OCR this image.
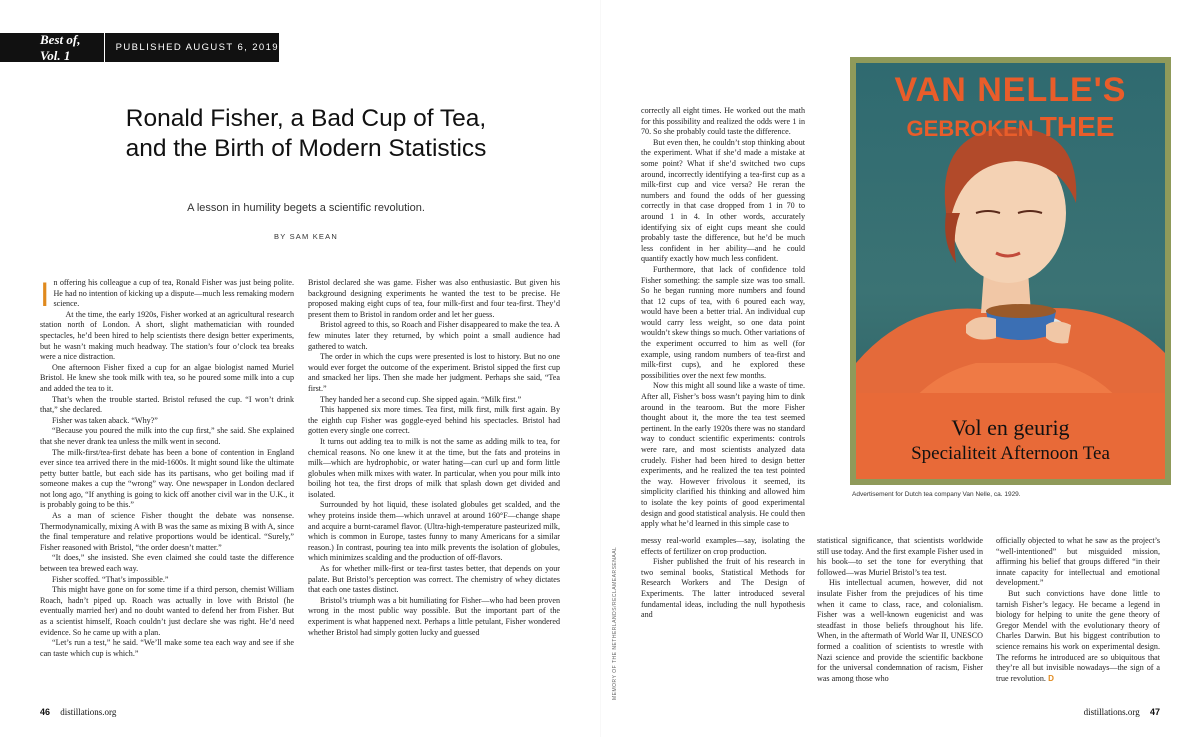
Best of, Vol. 1	PUBLISHED AUGUST 6, 2019
Ronald Fisher, a Bad Cup of Tea, and the Birth of Modern Statistics
A lesson in humility begets a scientific revolution.
BY SAM KEAN
I n offering his colleague a cup of tea, Ronald Fisher was just being polite. He had no intention of kicking up a dispute—much less remaking modern science.

At the time, the early 1920s, Fisher worked at an agricultural research station north of London. A short, slight mathematician with rounded spectacles, he’d been hired to help scientists there design better experiments, but he wasn’t making much headway. The station’s four o’clock tea breaks were a nice distraction.

One afternoon Fisher fixed a cup for an algae biologist named Muriel Bristol. He knew she took milk with tea, so he poured some milk into a cup and added the tea to it.

That’s when the trouble started. Bristol refused the cup. “I won’t drink that,” she declared.

Fisher was taken aback. “Why?”

“Because you poured the milk into the cup first,” she said. She explained that she never drank tea unless the milk went in second.

The milk-first/tea-first debate has been a bone of contention in England ever since tea arrived there in the mid-1600s. It might sound like the ultimate petty butter battle, but each side has its partisans, who get boiling mad if someone makes a cup the “wrong” way. One newspaper in London declared not long ago, “If anything is going to kick off another civil war in the U.K., it is probably going to be this.”

As a man of science Fisher thought the debate was nonsense. Thermodynamically, mixing A with B was the same as mixing B with A, since the final temperature and relative proportions would be identical. “Surely,” Fisher reasoned with Bristol, “the order doesn’t matter.”

“It does,” she insisted. She even claimed she could taste the difference between tea brewed each way.

Fisher scoffed. “That’s impossible.”

This might have gone on for some time if a third person, chemist William Roach, hadn’t piped up. Roach was actually in love with Bristol (he eventually married her) and no doubt wanted to defend her from Fisher. But as a scientist himself, Roach couldn’t just declare she was right. He’d need evidence. So he came up with a plan.

“Let’s run a test,” he said. “We’ll make some tea each way and see if she can taste which cup is which.”

Bristol declared she was game. Fisher was also enthusiastic. But given his background designing experiments he wanted the test to be precise. He proposed making eight cups of tea, four milk-first and four tea-first. They’d present them to Bristol in random order and let her guess.

Bristol agreed to this, so Roach and Fisher disappeared to make the tea. A few minutes later they returned, by which point a small audience had gathered to watch.

The order in which the cups were presented is lost to history. But no one would ever forget the outcome of the experiment. Bristol sipped the first cup and smacked her lips. Then she made her judgment. Perhaps she said, “Tea first.”

They handed her a second cup. She sipped again. “Milk first.”

This happened six more times. Tea first, milk first, milk first again. By the eighth cup Fisher was goggle-eyed behind his spectacles. Bristol had gotten every single one correct.

It turns out adding tea to milk is not the same as adding milk to tea, for chemical reasons. No one knew it at the time, but the fats and proteins in milk—which are hydrophobic, or water hating—can curl up and form little globules when milk mixes with water. In particular, when you pour milk into boiling hot tea, the first drops of milk that splash down get divided and isolated.

Surrounded by hot liquid, these isolated globules get scalded, and the whey proteins inside them—which unravel at around 160°F—change shape and acquire a burnt-caramel flavor. (Ultra-high-temperature pasteurized milk, which is common in Europe, tastes funny to many Americans for a similar reason.) In contrast, pouring tea into milk prevents the isolation of globules, which minimizes scalding and the production of off-flavors.

As for whether milk-first or tea-first tastes better, that depends on your palate. But Bristol’s perception was correct. The chemistry of whey dictates that each one tastes distinct.

Bristol’s triumph was a bit humiliating for Fisher—who had been proven wrong in the most public way possible. But the important part of the experiment is what happened next. Perhaps a little petulant, Fisher wondered whether Bristol had simply gotten lucky and guessed

correctly all eight times. He worked out the math for this possibility and realized the odds were 1 in 70. So she probably could taste the difference.

But even then, he couldn’t stop thinking about the experiment. What if she’d made a mistake at some point? What if she’d switched two cups around, incorrectly identifying a tea-first cup as a milk-first cup and vice versa? He reran the numbers and found the odds of her guessing correctly in that case dropped from 1 in 70 to around 1 in 4. In other words, accurately identifying six of eight cups meant she could probably taste the difference, but he’d be much less confident in her ability—and he could quantify exactly how much less confident.

Furthermore, that lack of confidence told Fisher something: the sample size was too small. So he began running more numbers and found that 12 cups of tea, with 6 poured each way, would have been a better trial. An individual cup would carry less weight, so one data point wouldn’t skew things so much. Other variations of the experiment occurred to him as well (for example, using random numbers of tea-first and milk-first cups), and he explored these possibilities over the next few months.

Now this might all sound like a waste of time. After all, Fisher’s boss wasn’t paying him to dink around in the tearoom. But the more Fisher thought about it, the more the tea test seemed pertinent. In the early 1920s there was no standard way to conduct scientific experiments: controls were rare, and most scientists analyzed data crudely. Fisher had been hired to design better experiments, and he realized the tea test pointed the way. However frivolous it seemed, its simplicity clarified his thinking and allowed him to isolate the key points of good experimental design and good statistical analysis. He could then apply what he’d learned in this simple case to

messy real-world examples—say, isolating the effects of fertilizer on crop production.

Fisher published the fruit of his research in two seminal books, Statistical Methods for Research Workers and The Design of Experiments. The latter introduced several fundamental ideas, including the null hypothesis and

statistical significance, that scientists worldwide still use today. And the first example Fisher used in his book—to set the tone for everything that followed—was Muriel Bristol’s tea test.

His intellectual acumen, however, did not insulate Fisher from the prejudices of his time when it came to class, race, and colonialism. Fisher was a well-known eugenicist and was steadfast in those beliefs throughout his life. When, in the aftermath of World War II, UNESCO formed a coalition of scientists to wrestle with Nazi science and provide the scientific backbone for the universal condemnation of racism, Fisher was among those who

officially objected to what he saw as the project’s “well-intentioned” but misguided mission, affirming his belief that groups differed “in their innate capacity for intellectual and emotional development.”

But such convictions have done little to tarnish Fisher’s legacy. He became a legend in biology for helping to unite the gene theory of Gregor Mendel with the evolutionary theory of Charles Darwin. But his biggest contribution to science remains his work on experimental design. The reforms he introduced are so ubiquitous that they’re all but invisible nowadays—the sign of a true revolution. D

MEMORY OF THE NETHERLANDS/RECLAMEARSENAAL
VAN NELLE'S
GEBROKEN THEE
Vol en geurig
Specialiteit Afternoon Tea
Advertisement for Dutch tea company Van Nelle, ca. 1929.
46 distillations.org	distillations.org 47
